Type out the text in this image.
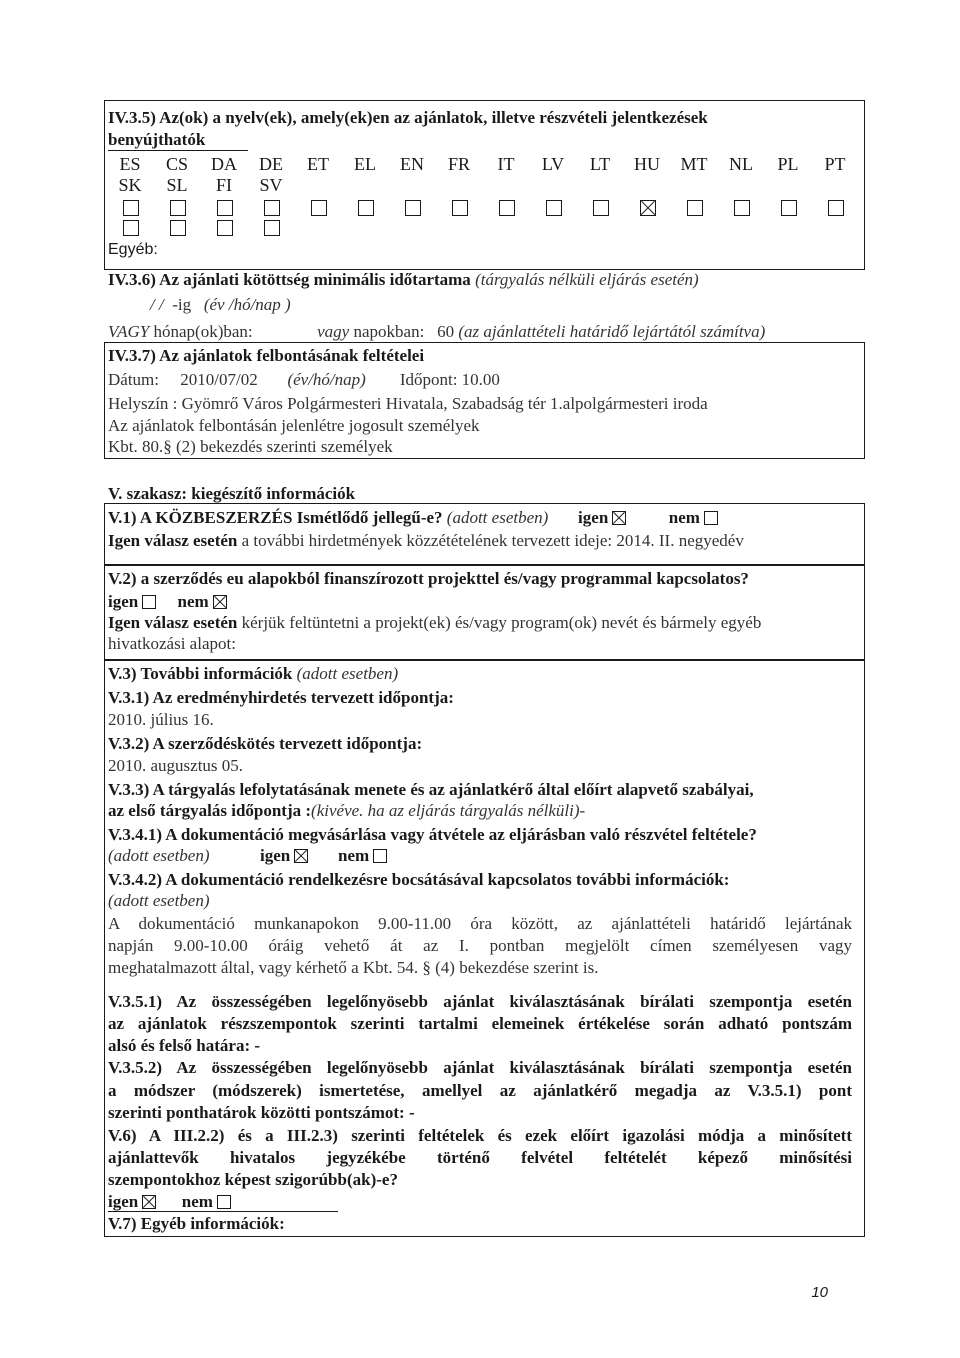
IV.3.5) Az(ok) a nyelv(ek), amely(ek)en az ajánlatok, illetve részvételi jelentkezések
benyújthatók
ES	CS	DA	DE	ET	EL	EN	FR	IT	LV	LT	HU	MT	NL	PL	PT
SK	SL	FI	SV
Egyéb:
IV.3.6) Az ajánlati kötöttség minimális időtartama (tárgyalás nélküli eljárás esetén)
/ / -ig (év /hó/nap )
VAGY hónap(ok)ban:	vagy napokban: 60 (az ajánlattételi határidő lejártától számítva)
IV.3.7) Az ajánlatok felbontásának feltételei
Dátum: 2010/07/02 (év/hó/nap) Időpont: 10.00
Helyszín : Gyömrő Város Polgármesteri Hivatala, Szabadság tér 1.alpolgármesteri iroda
Az ajánlatok felbontásán jelenlétre jogosult személyek
Kbt. 80.§ (2) bekezdés szerinti személyek
V. szakasz: kiegészítő információk
V.1) A KÖZBESZERZÉS Ismétlődő jellegű-e? (adott esetben) igen	nem
Igen válasz esetén a további hirdetmények közzétételének tervezett ideje: 2014. II. negyedév
V.2) a szerződés eu alapokból finanszírozott projekttel és/vagy programmal kapcsolatos?
igen nem
Igen válasz esetén kérjük feltüntetni a projekt(ek) és/vagy program(ok) nevét és bármely egyéb
hivatkozási alapot:
V.3) További információk (adott esetben)
V.3.1) Az eredményhirdetés tervezett időpontja:
2010. július 16.
V.3.2) A szerződéskötés tervezett időpontja:
2010. augusztus 05.
V.3.3) A tárgyalás lefolytatásának menete és az ajánlatkérő által előírt alapvető szabályai,
az első tárgyalás időpontja :(kivéve. ha az eljárás tárgyalás nélküli)-
V.3.4.1) A dokumentáció megvásárlása vagy átvétele az eljárásban való részvétel feltétele?
(adott esetben)	igen	nem
V.3.4.2) A dokumentáció rendelkezésre bocsátásával kapcsolatos további információk:
(adott esetben)
A dokumentáció munkanapokon 9.00-11.00 óra között, az ajánlattételi határidő lejártának
napján 9.00-10.00 óráig vehető át az I. pontban megjelölt címen személyesen vagy
meghatalmazott által, vagy kérhető a Kbt. 54. § (4) bekezdése szerint is.
V.3.5.1) Az összességében legelőnyösebb ajánlat kiválasztásának bírálati szempontja esetén
az ajánlatok részszempontok szerinti tartalmi elemeinek értékelése során adható pontszám
alsó és felső határa: -
V.3.5.2) Az összességében legelőnyösebb ajánlat kiválasztásának bírálati szempontja esetén
a módszer (módszerek) ismertetése, amellyel az ajánlatkérő megadja az V.3.5.1) pont
szerinti ponthatárok közötti pontszámot: -
V.6) A III.2.2) és a III.2.3) szerinti feltételek és ezek előírt igazolási módja a minősített
ajánlattevők hivatalos jegyzékébe történő felvétel feltételét képező minősítési
szempontokhoz képest szigorúbb(ak)-e?
igen	nem
V.7) Egyéb információk:
10
